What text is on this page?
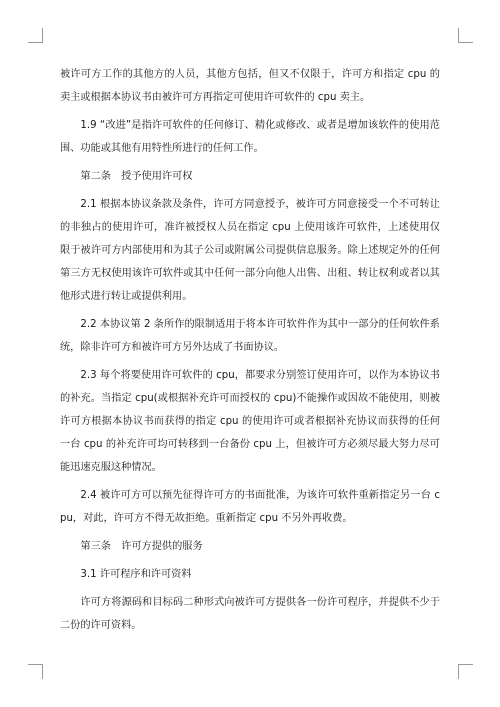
被许可方工作的其他方的人员，其他方包括，但又不仅限于，许可方和指定 cpu 的卖主或根据本协议书由被许可方再指定可使用许可软件的 cpu 卖主。

1.9 “改进”是指许可软件的任何修订、精化或修改、或者是增加该软件的使用范围、功能或其他有用特性所进行的任何工作。

第二条　授予使用许可权

2.1 根据本协议条款及条件，许可方同意授予，被许可方同意接受一个不可转让的非独占的使用许可，准许被授权人员在指定 cpu 上使用该许可软件，上述使用仅限于被许可方内部使用和为其子公司或附属公司提供信息服务。除上述规定外的任何第三方无权使用该许可软件或其中任何一部分向他人出售、出租、转让权利或者以其他形式进行转让或提供利用。

2.2 本协议第 2 条所作的限制适用于将本许可软件作为其中一部分的任何软件系统，除非许可方和被许可方另外达成了书面协议。

2.3 每个将要使用许可软件的 cpu，都要求分别签订使用许可，以作为本协议书的补充。当指定 cpu(或根据补充许可而授权的 cpu)不能操作或因故不能使用，则被许可方根据本协议书而获得的指定 cpu 的使用许可或者根据补充协议而获得的任何一台 cpu 的补充许可均可转移到一台备份 cpu 上，但被许可方必须尽最大努力尽可能迅速克服这种情况。

2.4 被许可方可以预先征得许可方的书面批准，为该许可软件重新指定另一台 cpu，对此，许可方不得无故拒绝。重新指定 cpu 不另外再收费。

第三条　许可方提供的服务

3.1 许可程序和许可资料

许可方将源码和目标码二种形式向被许可方提供各一份许可程序，并提供不少于二份的许可资料。
